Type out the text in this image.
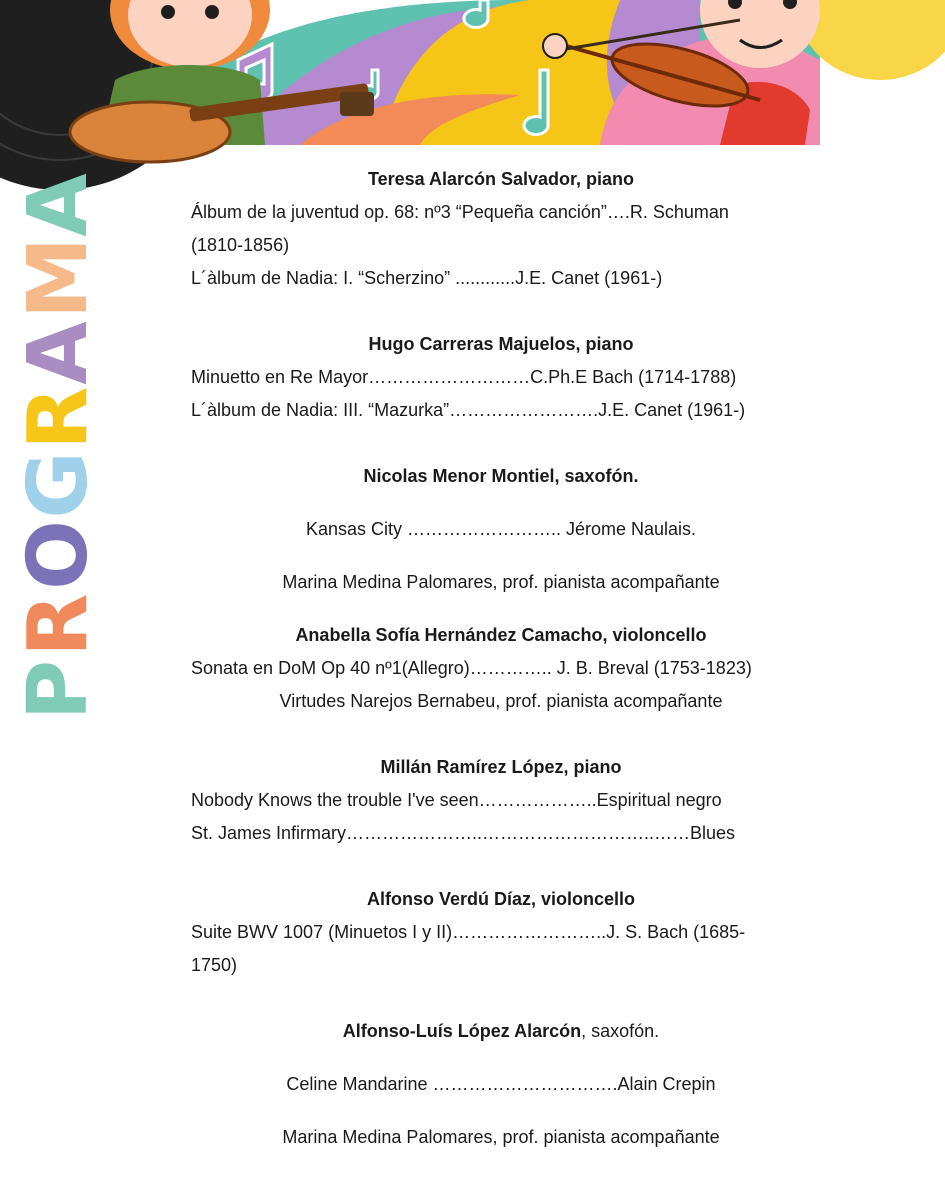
P
R
O
G
R
A
M
A	Teresa Alarcón Salvador, piano
Álbum de la juventud op. 68: nº3 “Pequeña canción”….R. Schuman
(1810-1856)
L´àlbum de Nadia: I. “Scherzino” ............J.E. Canet (1961-)
Hugo Carreras Majuelos, piano
Minuetto en Re Mayor………………………C.Ph.E Bach (1714-1788)
L´àlbum de Nadia: III. “Mazurka”…………………….J.E. Canet (1961-)
Nicolas Menor Montiel, saxofón.
Kansas City …………………….. Jérome Naulais.
Marina Medina Palomares, prof. pianista acompañante
Anabella Sofía Hernández Camacho, violoncello
Sonata en DoM Op 40 nº1(Allegro)………….. J. B. Breval (1753-1823)
Virtudes Narejos Bernabeu, prof. pianista acompañante
Millán Ramírez López, piano
Nobody Knows the trouble I've seen………………..Espiritual negro
St. James Infirmary…………………..………………………..……Blues
Alfonso Verdú Díaz, violoncello
Suite BWV 1007 (Minuetos I y II)……………………..J. S. Bach (1685-
1750)
Alfonso-Luís López Alarcón, saxofón.
Celine Mandarine ………………………….Alain Crepin
Marina Medina Palomares, prof. pianista acompañante
